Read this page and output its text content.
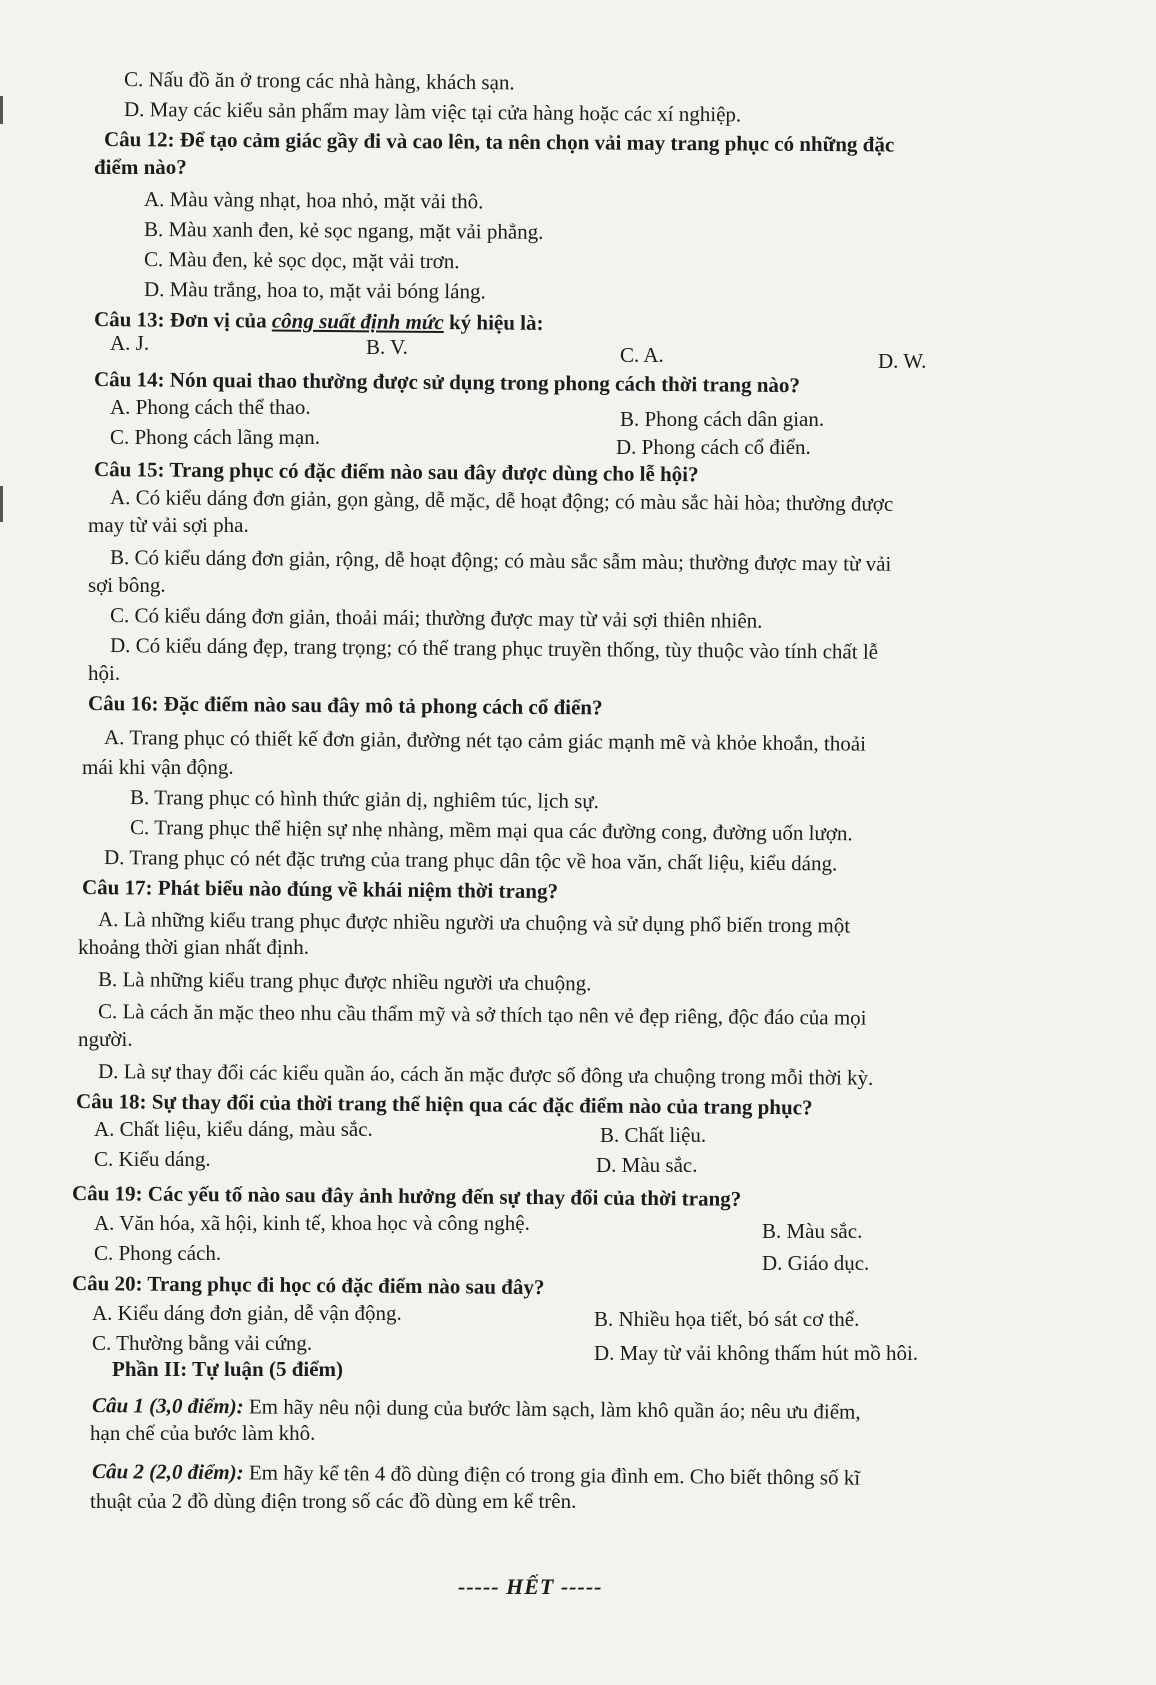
C. Nấu đồ ăn ở trong các nhà hàng, khách sạn.
D. May các kiểu sản phẩm may làm việc tại cửa hàng hoặc các xí nghiệp.
Câu 12: Để tạo cảm giác gầy đi và cao lên, ta nên chọn vải may trang phục có những đặc
điểm nào?
A. Màu vàng nhạt, hoa nhỏ, mặt vải thô.
B. Màu xanh đen, kẻ sọc ngang, mặt vải phẳng.
C. Màu đen, kẻ sọc dọc, mặt vải trơn.
D. Màu trắng, hoa to, mặt vải bóng láng.
Câu 13: Đơn vị của công suất định mức ký hiệu là:
A. J.	B. V.	C. A.	D. W.
Câu 14: Nón quai thao thường được sử dụng trong phong cách thời trang nào?
A. Phong cách thể thao.	B. Phong cách dân gian.
C. Phong cách lãng mạn.	D. Phong cách cổ điển.
Câu 15: Trang phục có đặc điểm nào sau đây được dùng cho lễ hội?
A. Có kiểu dáng đơn giản, gọn gàng, dễ mặc, dễ hoạt động; có màu sắc hài hòa; thường được
may từ vải sợi pha.
B. Có kiểu dáng đơn giản, rộng, dễ hoạt động; có màu sắc sẫm màu; thường được may từ vải
sợi bông.
C. Có kiểu dáng đơn giản, thoải mái; thường được may từ vải sợi thiên nhiên.
D. Có kiểu dáng đẹp, trang trọng; có thể trang phục truyền thống, tùy thuộc vào tính chất lễ
hội.
Câu 16: Đặc điểm nào sau đây mô tả phong cách cổ điển?
A. Trang phục có thiết kế đơn giản, đường nét tạo cảm giác mạnh mẽ và khỏe khoắn, thoải
mái khi vận động.
B. Trang phục có hình thức giản dị, nghiêm túc, lịch sự.
C. Trang phục thể hiện sự nhẹ nhàng, mềm mại qua các đường cong, đường uốn lượn.
D. Trang phục có nét đặc trưng của trang phục dân tộc về hoa văn, chất liệu, kiểu dáng.
Câu 17: Phát biểu nào đúng về khái niệm thời trang?
A. Là những kiểu trang phục được nhiều người ưa chuộng và sử dụng phổ biến trong một
khoảng thời gian nhất định.
B. Là những kiểu trang phục được nhiều người ưa chuộng.
C. Là cách ăn mặc theo nhu cầu thẩm mỹ và sở thích tạo nên vẻ đẹp riêng, độc đáo của mọi
người.
D. Là sự thay đổi các kiểu quần áo, cách ăn mặc được số đông ưa chuộng trong mỗi thời kỳ.
Câu 18: Sự thay đổi của thời trang thể hiện qua các đặc điểm nào của trang phục?
A. Chất liệu, kiểu dáng, màu sắc.	B. Chất liệu.
C. Kiểu dáng.	D. Màu sắc.
Câu 19: Các yếu tố nào sau đây ảnh hưởng đến sự thay đổi của thời trang?
A. Văn hóa, xã hội, kinh tế, khoa học và công nghệ.	B. Màu sắc.
C. Phong cách.	D. Giáo dục.
Câu 20: Trang phục đi học có đặc điểm nào sau đây?
A. Kiểu dáng đơn giản, dễ vận động.	B. Nhiều họa tiết, bó sát cơ thể.
C. Thường bằng vải cứng.	D. May từ vải không thấm hút mồ hôi.
Phần II: Tự luận (5 điểm)
Câu 1 (3,0 điểm): Em hãy nêu nội dung của bước làm sạch, làm khô quần áo; nêu ưu điểm,
hạn chế của bước làm khô.
Câu 2 (2,0 điểm): Em hãy kể tên 4 đồ dùng điện có trong gia đình em. Cho biết thông số kĩ
thuật của 2 đồ dùng điện trong số các đồ dùng em kể trên.
----- HẾT -----
